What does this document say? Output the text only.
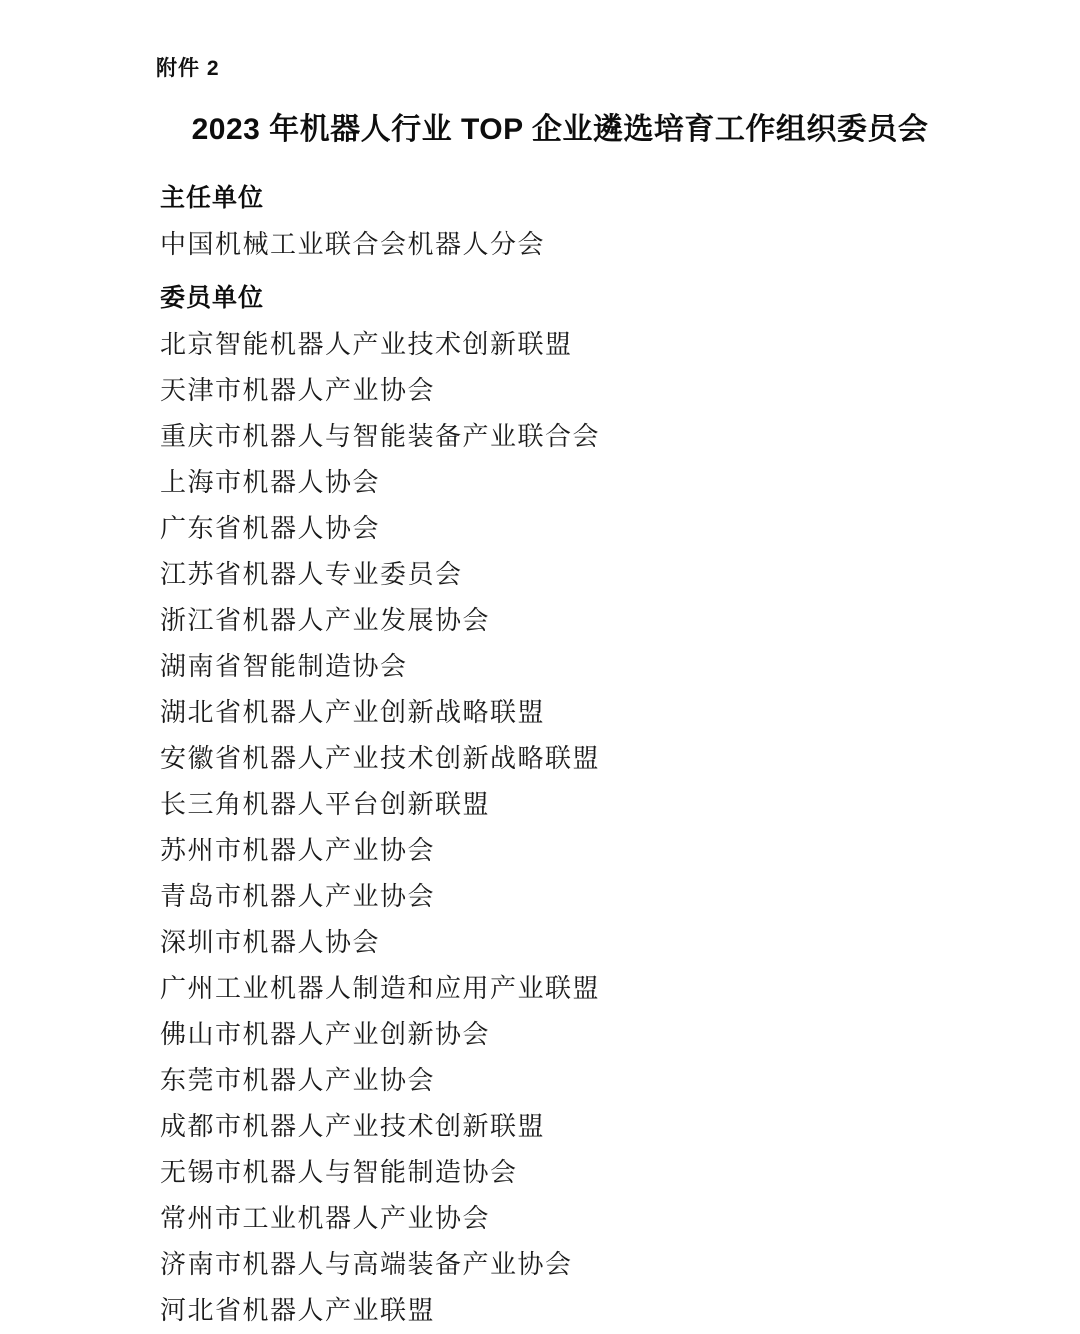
附件 2
2023 年机器人行业 TOP 企业遴选培育工作组织委员会
主任单位
中国机械工业联合会机器人分会
委员单位
北京智能机器人产业技术创新联盟
天津市机器人产业协会
重庆市机器人与智能装备产业联合会
上海市机器人协会
广东省机器人协会
江苏省机器人专业委员会
浙江省机器人产业发展协会
湖南省智能制造协会
湖北省机器人产业创新战略联盟
安徽省机器人产业技术创新战略联盟
长三角机器人平台创新联盟
苏州市机器人产业协会
青岛市机器人产业协会
深圳市机器人协会
广州工业机器人制造和应用产业联盟
佛山市机器人产业创新协会
东莞市机器人产业协会
成都市机器人产业技术创新联盟
无锡市机器人与智能制造协会
常州市工业机器人产业协会
济南市机器人与高端装备产业协会
河北省机器人产业联盟
